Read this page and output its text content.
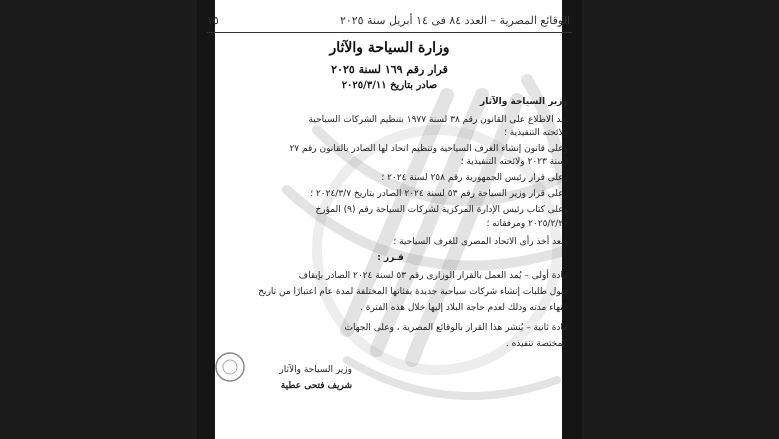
الوقائع المصرية – العدد ٨٤ فى ١٤ أبريل سنة ٢٠٢٥
١٥
وزارة السياحة والآثار
قرار رقم ١٦٩ لسنة ٢٠٢٥
صادر بتاريخ ٢٠٢٥/٣/١١
وزير السياحة والآثار
بعد الاطلاع على القانون رقم ٣٨ لسنة ١٩٧٧ بتنظيم الشركات السياحية
ولائحته التنفيذية ؛
وعلى قانون إنشاء الغرف السياحية وتنظيم اتحاد لها الصادر بالقانون رقم ٢٧
لسنة ٢٠٢٣ ولائحته التنفيذية ؛
وعلى قرار رئيس الجمهورية رقم ٢٥٨ لسنة ٢٠٢٤ ؛
وعلى قرار وزير السياحة رقم ٥٣ لسنة ٢٠٢٤ الصادر بتاريخ ٢٠٢٤/٣/٧ ؛
وعلى كتاب رئيس الإدارة المركزية لشركات السياحة رقم (٩) المؤرخ
٢٠٢٥/٢/٢٧ ومرفقاته ؛
وبعد أخذ رأى الاتحاد المصرى للغرف السياحية ؛
قـرر :
مادة أولى – يُمد العمل بالقرار الوزارى رقم ٥٣ لسنة ٢٠٢٤ الصادر بإيقاف
قبول طلبات إنشاء شركات سياحية جديدة بفئاتها المختلفة لمدة عام اعتبارًا من تاريخ
انتهاء مدته وذلك لعدم حاجة البلاد إليها خلال هذه الفترة .
مادة ثانية – يُنشر هذا القرار بالوقائع المصرية ، وعلى الجهات
المختصة تنفيذه .
وزير السياحة والآثار
شريف فتحى عطية
